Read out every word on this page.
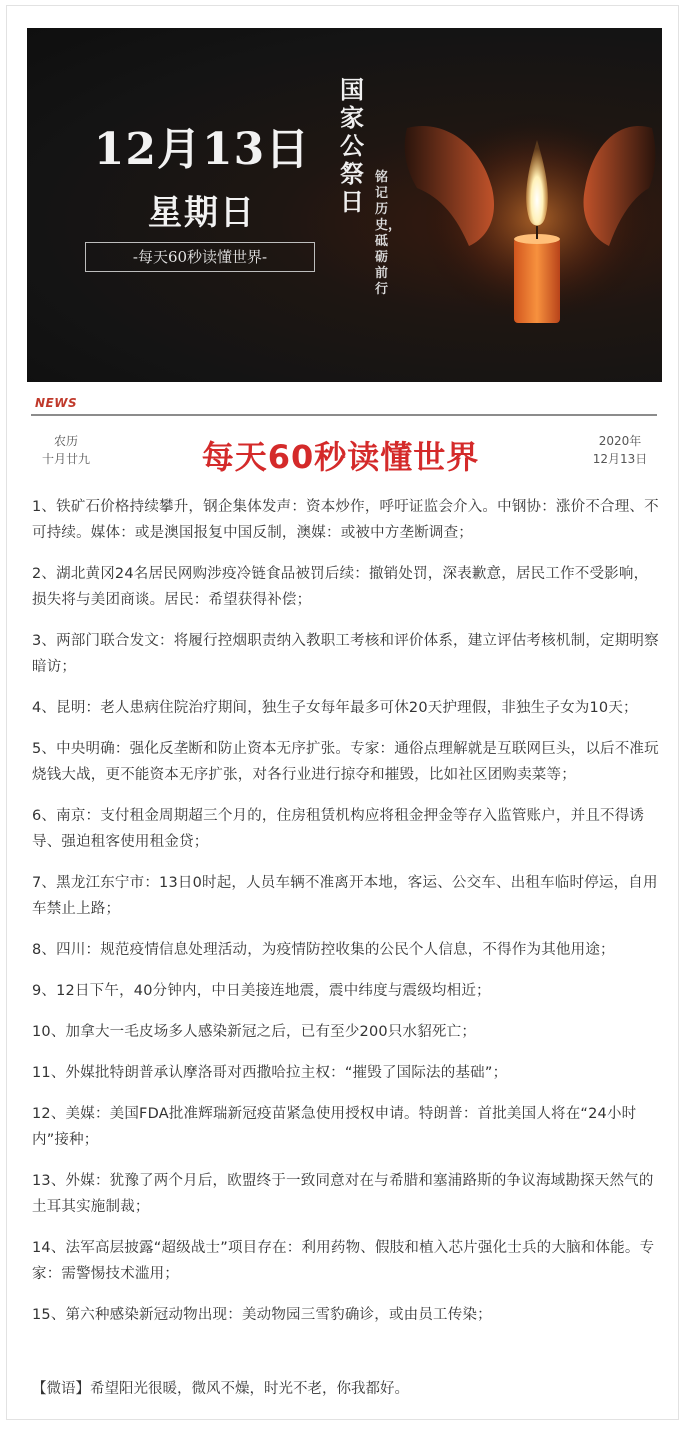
12月13日
星期日
-每天60秒读懂世界-
国家公祭日
铭记历史，砥砺前行
NEWS
农历
十月廿九	每天60秒读懂世界	2020年
12月13日
1、铁矿石价格持续攀升，钢企集体发声：资本炒作，呼吁证监会介入。中钢协：涨价不合理、不可持续。媒体：或是澳国报复中国反制，澳媒：或被中方垄断调查；
2、湖北黄冈24名居民网购涉疫冷链食品被罚后续：撤销处罚，深表歉意，居民工作不受影响，损失将与美团商谈。居民：希望获得补偿；
3、两部门联合发文：将履行控烟职责纳入教职工考核和评价体系，建立评估考核机制，定期明察暗访；
4、昆明：老人患病住院治疗期间，独生子女每年最多可休20天护理假，非独生子女为10天；
5、中央明确：强化反垄断和防止资本无序扩张。专家：通俗点理解就是互联网巨头，以后不准玩烧钱大战，更不能资本无序扩张，对各行业进行掠夺和摧毁，比如社区团购卖菜等；
6、南京：支付租金周期超三个月的，住房租赁机构应将租金押金等存入监管账户，并且不得诱导、强迫租客使用租金贷；
7、黑龙江东宁市：13日0时起，人员车辆不准离开本地，客运、公交车、出租车临时停运，自用车禁止上路；
8、四川：规范疫情信息处理活动，为疫情防控收集的公民个人信息，不得作为其他用途；
9、12日下午，40分钟内，中日美接连地震，震中纬度与震级均相近；
10、加拿大一毛皮场多人感染新冠之后，已有至少200只水貂死亡；
11、外媒批特朗普承认摩洛哥对西撒哈拉主权：“摧毁了国际法的基础”；
12、美媒：美国FDA批准辉瑞新冠疫苗紧急使用授权申请。特朗普：首批美国人将在“24小时内”接种；
13、外媒：犹豫了两个月后，欧盟终于一致同意对在与希腊和塞浦路斯的争议海域勘探天然气的土耳其实施制裁；
14、法军高层披露“超级战士”项目存在：利用药物、假肢和植入芯片强化士兵的大脑和体能。专家：需警惕技术滥用；
15、第六种感染新冠动物出现：美动物园三雪豹确诊，或由员工传染；
【微语】希望阳光很暖，微风不燥，时光不老，你我都好。
